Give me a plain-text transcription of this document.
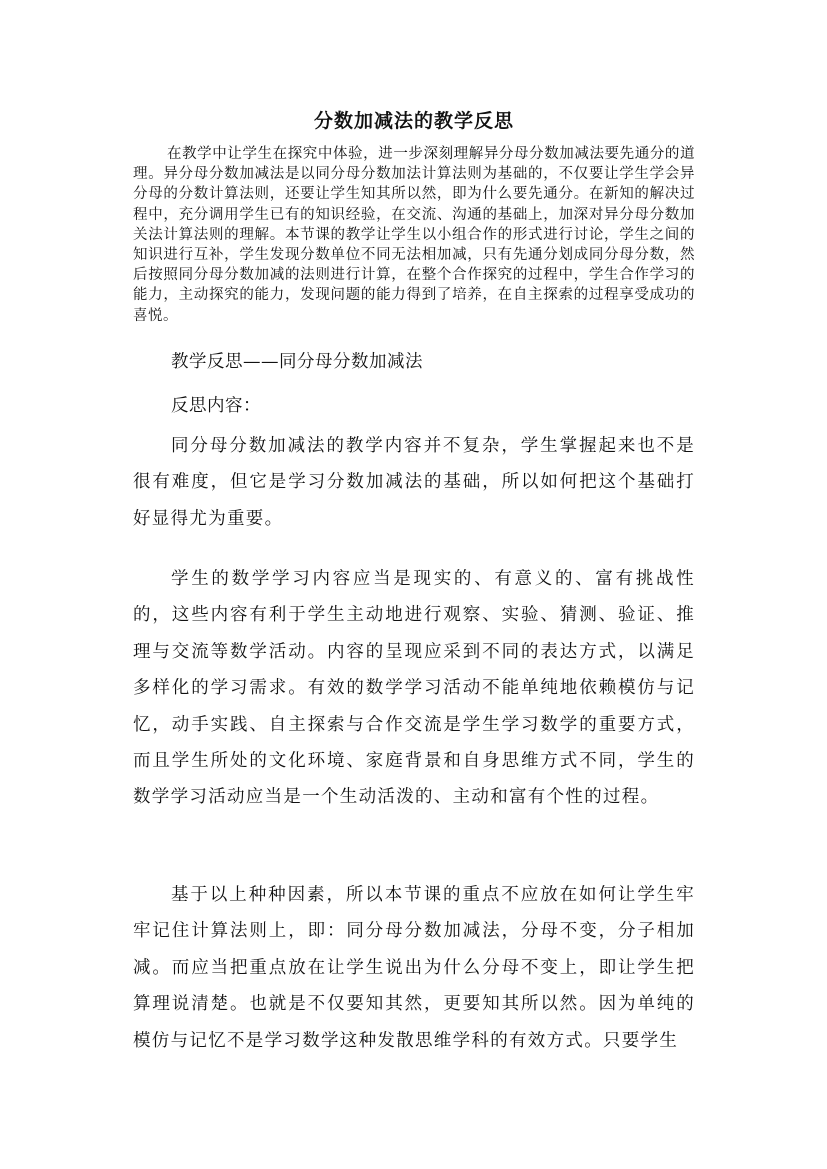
分数加减法的教学反思

在教学中让学生在探究中体验，进一步深刻理解异分母分数加减法要先通分的道理。异分母分数加减法是以同分母分数加法计算法则为基础的，不仅要让学生学会异分母的分数计算法则，还要让学生知其所以然，即为什么要先通分。在新知的解决过程中，充分调用学生已有的知识经验，在交流、沟通的基础上，加深对异分母分数加关法计算法则的理解。本节课的教学让学生以小组合作的形式进行讨论，学生之间的知识进行互补，学生发现分数单位不同无法相加减，只有先通分划成同分母分数，然后按照同分母分数加减的法则进行计算，在整个合作探究的过程中，学生合作学习的能力，主动探究的能力，发现问题的能力得到了培养，在自主探索的过程享受成功的喜悦。

教学反思——同分母分数加减法

反思内容：

同分母分数加减法的教学内容并不复杂，学生掌握起来也不是很有难度，但它是学习分数加减法的基础，所以如何把这个基础打好显得尤为重要。

学生的数学学习内容应当是现实的、有意义的、富有挑战性的，这些内容有利于学生主动地进行观察、实验、猜测、验证、推理与交流等数学活动。内容的呈现应采到不同的表达方式，以满足多样化的学习需求。有效的数学学习活动不能单纯地依赖模仿与记忆，动手实践、自主探索与合作交流是学生学习数学的重要方式，而且学生所处的文化环境、家庭背景和自身思维方式不同，学生的数学学习活动应当是一个生动活泼的、主动和富有个性的过程。

基于以上种种因素，所以本节课的重点不应放在如何让学生牢牢记住计算法则上，即：同分母分数加减法，分母不变，分子相加减。而应当把重点放在让学生说出为什么分母不变上，即让学生把算理说清楚。也就是不仅要知其然，更要知其所以然。因为单纯的模仿与记忆不是学习数学这种发散思维学科的有效方式。只要学生
